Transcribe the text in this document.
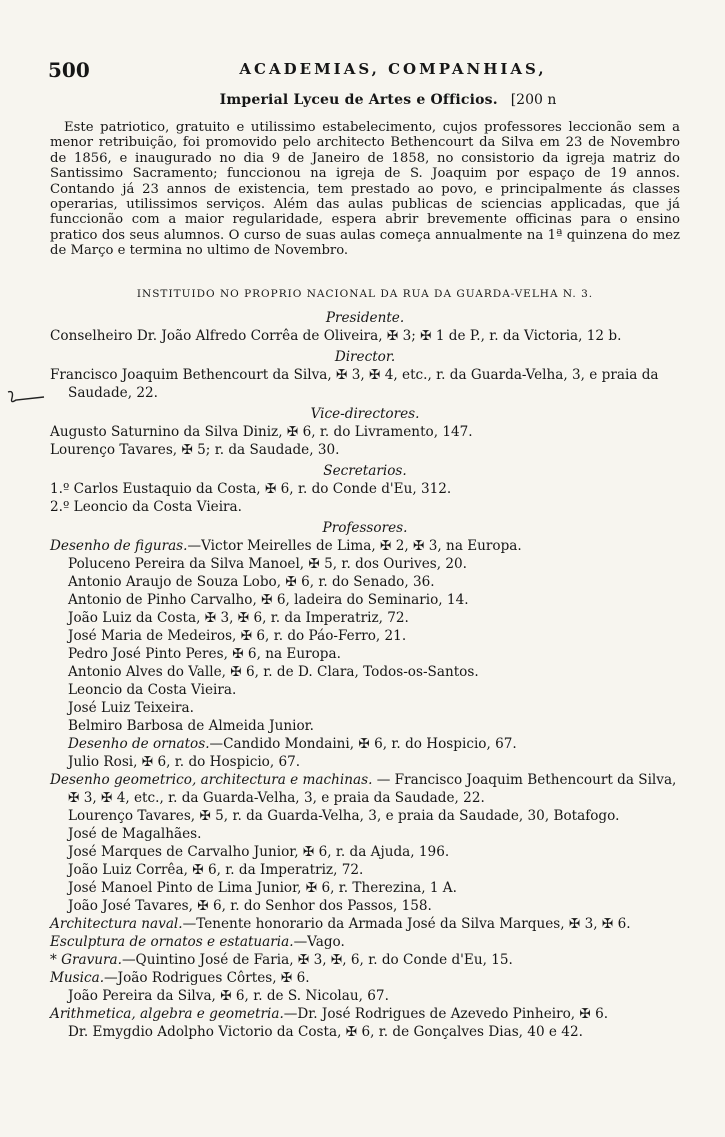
500	ACADEMIAS, COMPANHIAS,
Imperial Lyceu de Artes e Officios. [200 n
Este patriotico, gratuito e utilissimo estabelecimento, cujos professores leccionão sem a menor retribuição, foi promovido pelo architecto Bethencourt da Silva em 23 de Novembro de 1856, e inaugurado no dia 9 de Janeiro de 1858, no consistorio da igreja matriz do Santissimo Sacramento; funccionou na igreja de S. Joaquim por espaço de 19 annos. Contando já 23 annos de existencia, tem prestado ao povo, e principalmente ás classes operarias, utilissimos serviços. Além das aulas publicas de sciencias applicadas, que já funccionão com a maior regularidade, espera abrir brevemente officinas para o ensino pratico dos seus alumnos. O curso de suas aulas começa annualmente na 1ª quinzena do mez de Março e termina no ultimo de Novembro.
INSTITUIDO NO PROPRIO NACIONAL DA RUA DA GUARDA-VELHA N. 3.
Presidente.
Conselheiro Dr. João Alfredo Corrêa de Oliveira, ✠ 3; ✠ 1 de P., r. da Victoria, 12 b.
Director.
Francisco Joaquim Bethencourt da Silva, ✠ 3, ✠ 4, etc., r. da Guarda-Velha, 3, e praia da Saudade, 22.
Vice-directores.
Augusto Saturnino da Silva Diniz, ✠ 6, r. do Livramento, 147.
Lourenço Tavares, ✠ 5; r. da Saudade, 30.
Secretarios.
1.º Carlos Eustaquio da Costa, ✠ 6, r. do Conde d'Eu, 312.
2.º Leoncio da Costa Vieira.
Professores.
Desenho de figuras.—Victor Meirelles de Lima, ✠ 2, ✠ 3, na Europa.
Poluceno Pereira da Silva Manoel, ✠ 5, r. dos Ourives, 20.
Antonio Araujo de Souza Lobo, ✠ 6, r. do Senado, 36.
Antonio de Pinho Carvalho, ✠ 6, ladeira do Seminario, 14.
João Luiz da Costa, ✠ 3, ✠ 6, r. da Imperatriz, 72.
José Maria de Medeiros, ✠ 6, r. do Páo-Ferro, 21.
Pedro José Pinto Peres, ✠ 6, na Europa.
Antonio Alves do Valle, ✠ 6, r. de D. Clara, Todos-os-Santos.
Leoncio da Costa Vieira.
José Luiz Teixeira.
Belmiro Barbosa de Almeida Junior.
Desenho de ornatos.—Candido Mondaini, ✠ 6, r. do Hospicio, 67.
Julio Rosi, ✠ 6, r. do Hospicio, 67.
Desenho geometrico, architectura e machinas. — Francisco Joaquim Bethencourt da Silva, ✠ 3, ✠ 4, etc., r. da Guarda-Velha, 3, e praia da Saudade, 22.
Lourenço Tavares, ✠ 5, r. da Guarda-Velha, 3, e praia da Saudade, 30, Botafogo.
José de Magalhães.
José Marques de Carvalho Junior, ✠ 6, r. da Ajuda, 196.
João Luiz Corrêa, ✠ 6, r. da Imperatriz, 72.
José Manoel Pinto de Lima Junior, ✠ 6, r. Therezina, 1 A.
João José Tavares, ✠ 6, r. do Senhor dos Passos, 158.
Architectura naval.—Tenente honorario da Armada José da Silva Marques, ✠ 3, ✠ 6.
Esculptura de ornatos e estatuaria.—Vago.
* Gravura.—Quintino José de Faria, ✠ 3, ✠, 6, r. do Conde d'Eu, 15.
Musica.—João Rodrigues Côrtes, ✠ 6.
João Pereira da Silva, ✠ 6, r. de S. Nicolau, 67.
Arithmetica, algebra e geometria.—Dr. José Rodrigues de Azevedo Pinheiro, ✠ 6.
Dr. Emygdio Adolpho Victorio da Costa, ✠ 6, r. de Gonçalves Dias, 40 e 42.
